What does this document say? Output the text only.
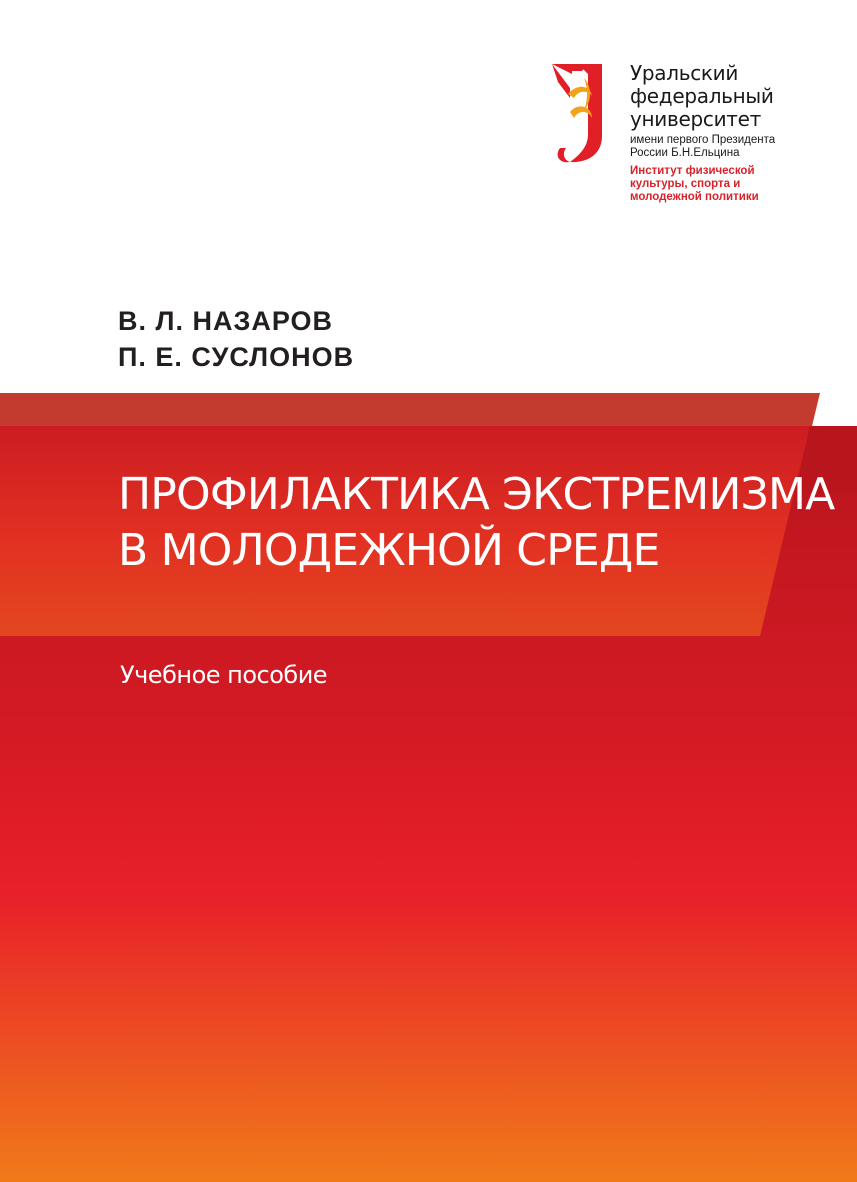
Уральский
федеральный
университет
имени первого Президента
России Б.Н.Ельцина
Институт физической
культуры, спорта и
молодежной политики
В. Л. НАЗАРОВ
П. Е. СУСЛОНОВ
ПРОФИЛАКТИКА ЭКСТРЕМИЗМА
В МОЛОДЕЖНОЙ СРЕДЕ
Учебное пособие
